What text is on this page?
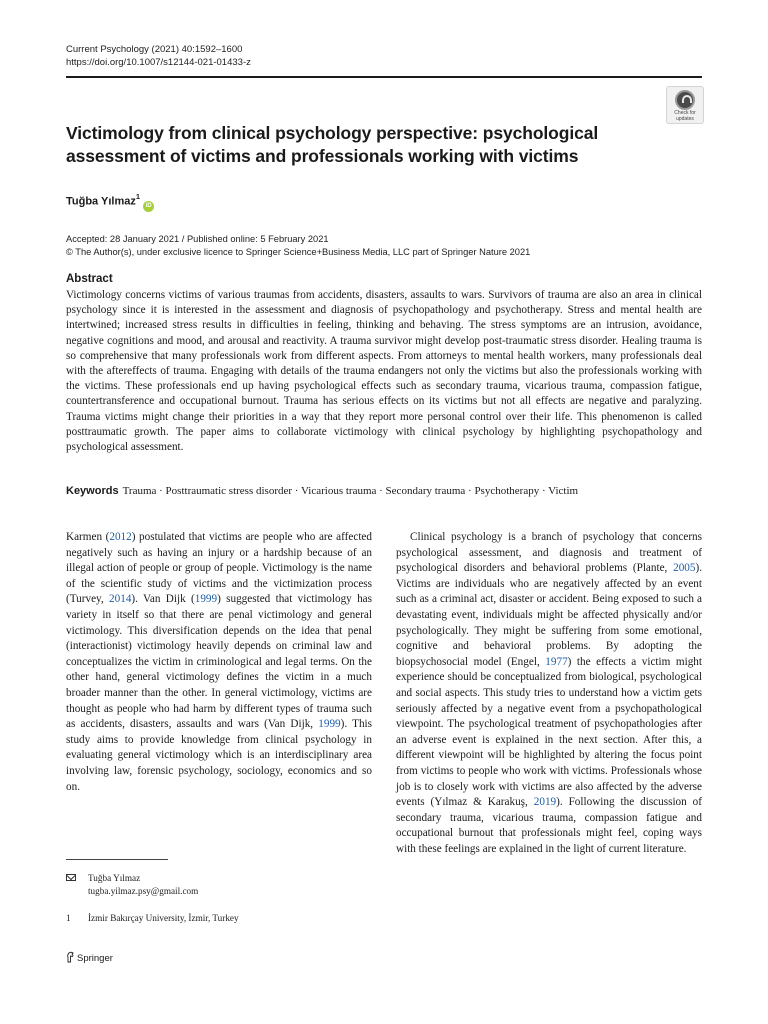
Current Psychology (2021) 40:1592–1600
https://doi.org/10.1007/s12144-021-01433-z
Check for
updates
Victimology from clinical psychology perspective: psychological
assessment of victims and professionals working with victims
Tuğba Yılmaz$^1$iD
Accepted: 28 January 2021 / Published online: 5 February 2021
© The Author(s), under exclusive licence to Springer Science+Business Media, LLC part of Springer Nature 2021
Abstract
Victimology concerns victims of various traumas from accidents, disasters, assaults to wars. Survivors of trauma are also an area in clinical psychology since it is interested in the assessment and diagnosis of psychopathology and psychotherapy. Stress and mental health are intertwined; increased stress results in difficulties in feeling, thinking and behaving. The stress symptoms are an intrusion, avoidance, negative cognitions and mood, and arousal and reactivity. A trauma survivor might develop post-traumatic stress disorder. Healing trauma is so comprehensive that many professionals work from different aspects. From attorneys to mental health workers, many professionals deal with the aftereffects of trauma. Engaging with details of the trauma endangers not only the victims but also the professionals working with the victims. These professionals end up having psychological effects such as secondary trauma, vicarious trauma, compassion fatigue, countertransference and occupational burnout. Trauma has serious effects on its victims but not all effects are negative and paralyzing. Trauma victims might change their priorities in a way that they report more personal control over their life. This phenomenon is called posttraumatic growth. The paper aims to collaborate victimology with clinical psychology by highlighting psychopathology and psychological assessment.
Keywords Trauma · Posttraumatic stress disorder · Vicarious trauma · Secondary trauma · Psychotherapy · Victim

Karmen (2012) postulated that victims are people who are affected negatively such as having an injury or a hardship because of an illegal action of people or group of people. Victimology is the name of the scientific study of victims and the victimization process (Turvey, 2014). Van Dijk (1999) suggested that victimology has variety in itself so that there are penal victimology and general victimology. This diversification depends on the idea that penal (interactionist) victimology heavily depends on criminal law and conceptualizes the victim in criminological and legal terms. On the other hand, general victimology defines the victim in a much broader manner than the other. In general victimology, victims are thought as people who had harm by different types of trauma such as accidents, disasters, assaults and wars (Van Dijk, 1999). This study aims to provide knowledge from clinical psychology in evaluating general victimology which is an interdisciplinary area involving law, forensic psychology, sociology, economics and so on.

Clinical psychology is a branch of psychology that concerns psychological assessment, and diagnosis and treatment of psychological disorders and behavioral problems (Plante, 2005). Victims are individuals who are negatively affected by an event such as a criminal act, disaster or accident. Being exposed to such a devastating event, individuals might be affected physically and/or psychologically. They might be suffering from some emotional, cognitive and behavioral problems. By adopting the biopsychosocial model (Engel, 1977) the effects a victim might experience should be conceptualized from biological, psychological and social aspects. This study tries to understand how a victim gets seriously affected by a negative event from a psychopathological viewpoint. The psychological treatment of psychopathologies after an adverse event is explained in the next section. After this, a different viewpoint will be highlighted by altering the focus point from victims to people who work with victims. Professionals whose job is to closely work with victims are also affected by the adverse events (Yılmaz & Karakuş, 2019). Following the discussion of secondary trauma, vicarious trauma, compassion fatigue and occupational burnout that professionals might feel, coping ways with these feelings are explained in the light of current literature.

Tuğba Yılmaz
tugba.yilmaz.psy@gmail.com
1 İzmir Bakırçay University, İzmir, Turkey
Springer
